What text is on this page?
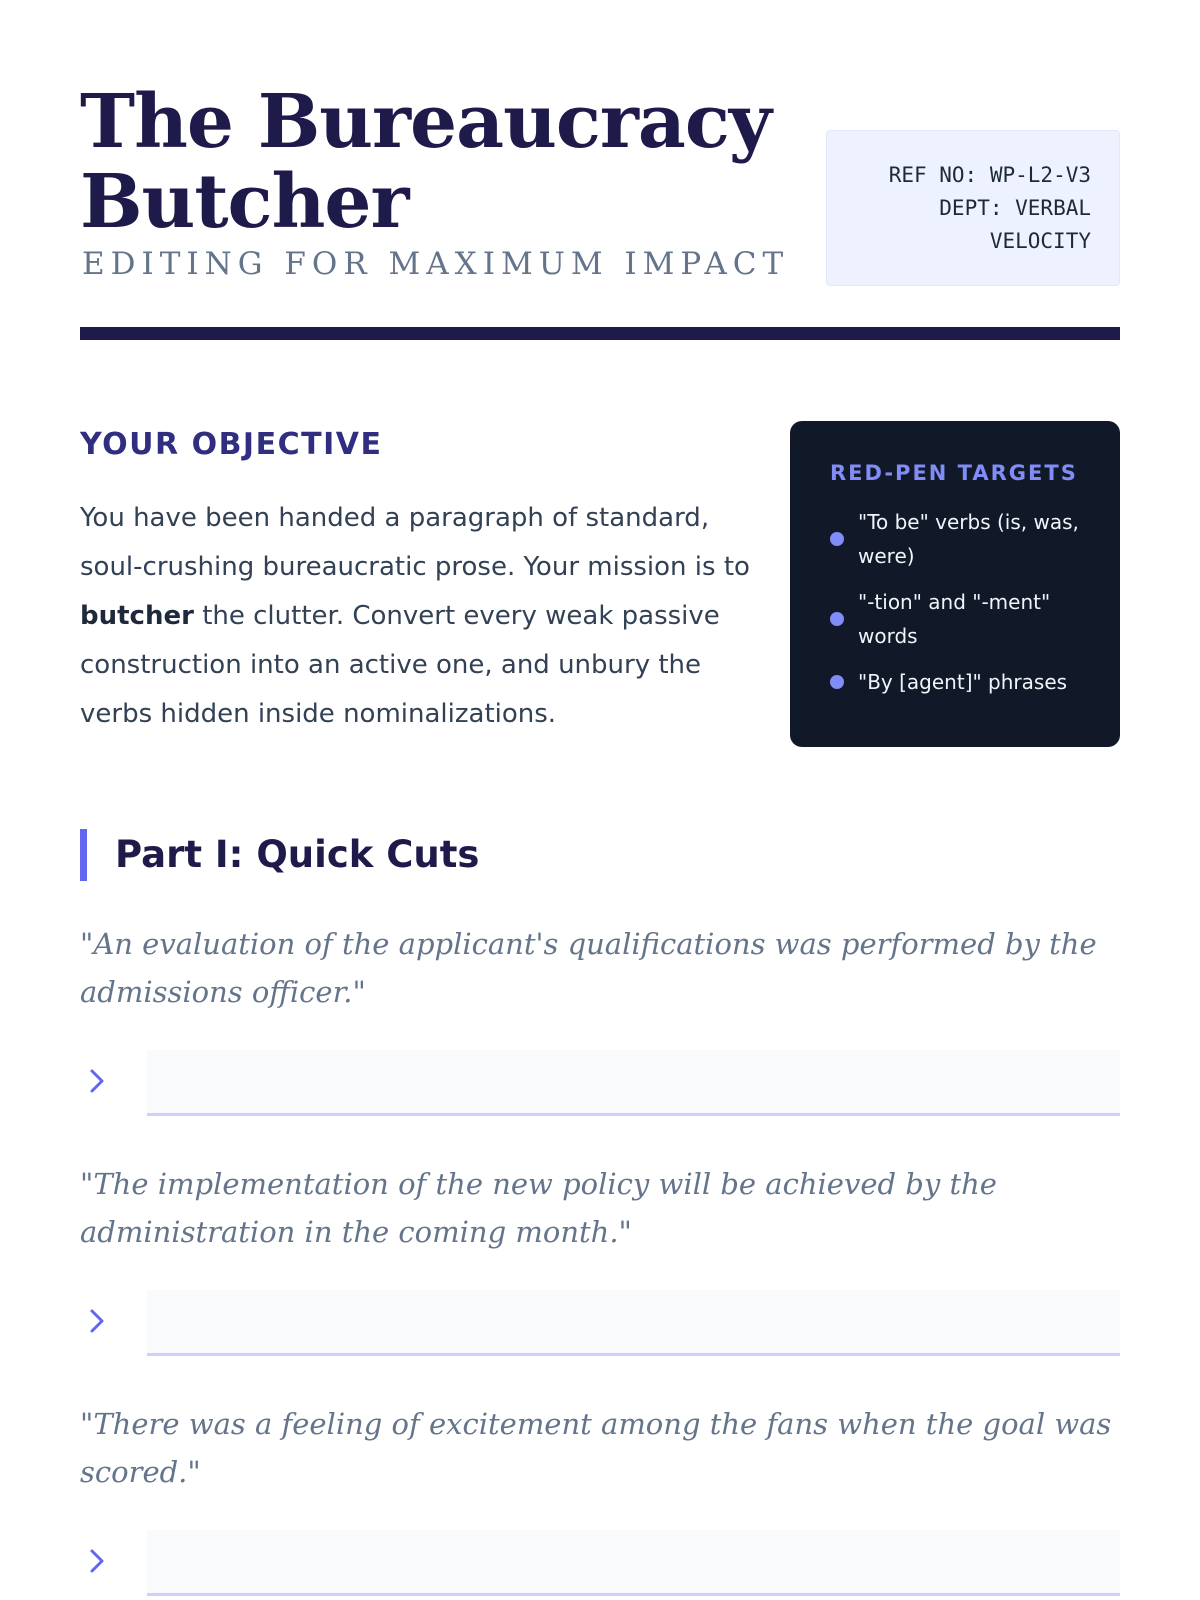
The Bureaucracy Butcher
EDITING FOR MAXIMUM IMPACT
REF NO: WP-L2-V3
DEPT: VERBAL
VELOCITY
YOUR OBJECTIVE

You have been handed a paragraph of standard, soul-crushing bureaucratic prose. Your mission is to butcher the clutter. Convert every weak passive construction into an active one, and unbury the verbs hidden inside nominalizations.

RED-PEN TARGETS
"To be" verbs (is, was, were)
"-tion" and "-ment" words
"By [agent]" phrases
Part I: Quick Cuts

"An evaluation of the applicant's qualifications was performed by the admissions officer."

"The implementation of the new policy will be achieved by the administration in the coming month."

"There was a feeling of excitement among the fans when the goal was scored."
